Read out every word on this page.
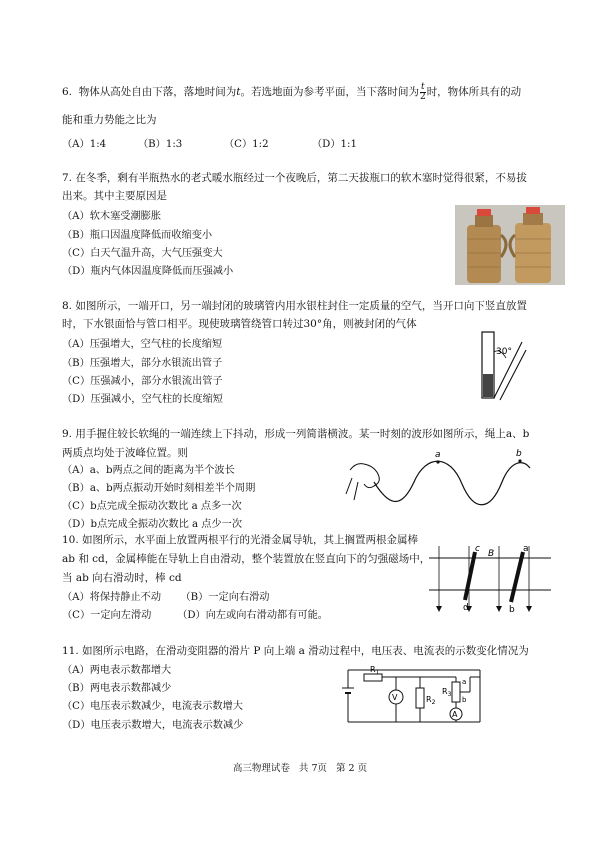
6. 物体从高处自由下落，落地时间为t。若选地面为参考平面，当下落时间为 $\frac{t}{2}$ 时，物体所具有的动
能和重力势能之比为
（A）1:4	（B）1:3	（C）1:2	（D）1:1
7. 在冬季，剩有半瓶热水的老式暖水瓶经过一个夜晚后，第二天拔瓶口的软木塞时觉得很紧，不易拔
出来。其中主要原因是
（A）软木塞受潮膨胀
（B）瓶口因温度降低而收缩变小
（C）白天气温升高，大气压强变大
（D）瓶内气体因温度降低而压强减小
8. 如图所示，一端开口，另一端封闭的玻璃管内用水银柱封住一定质量的空气，当开口向下竖直放置
时，下水银面恰与管口相平。现使玻璃管绕管口转过30°角，则被封闭的气体
（A）压强增大，空气柱的长度缩短
（B）压强增大，部分水银流出管子
（C）压强减小，部分水银流出管子
（D）压强减小，空气柱的长度缩短
30°
9. 用手握住较长软绳的一端连续上下抖动，形成一列简谐横波。某一时刻的波形如图所示，绳上a、b
两质点均处于波峰位置。则
（A）a、b两点之间的距离为半个波长
（B）a、b两点振动开始时刻相差半个周期
（C）b点完成全振动次数比 a 点多一次
（D）b点完成全振动次数比 a 点少一次
a	b
10. 如图所示，水平面上放置两根平行的光滑金属导轨，其上搁置两根金属棒
ab 和 cd，金属棒能在导轨上自由滑动，整个装置放在竖直向下的匀强磁场中，
当 ab 向右滑动时，棒 cd
（A）将保持静止不动      （B）一定向右滑动
（C）一定向左滑动        （D）向左或向右滑动都有可能。
c B	a
d	b
11. 如图所示电路，在滑动变阻器的滑片 P 向上端 a 滑动过程中，电压表、电流表的示数变化情况为
（A）两电表示数都增大
（B）两电表示数都减少
（C）电压表示数减少，电流表示数增大
（D）电压表示数增大，电流表示数减少
$R_1$
V	$R_2$
$R_3$
a
b
A
高三物理试卷   共 7页   第 2 页
